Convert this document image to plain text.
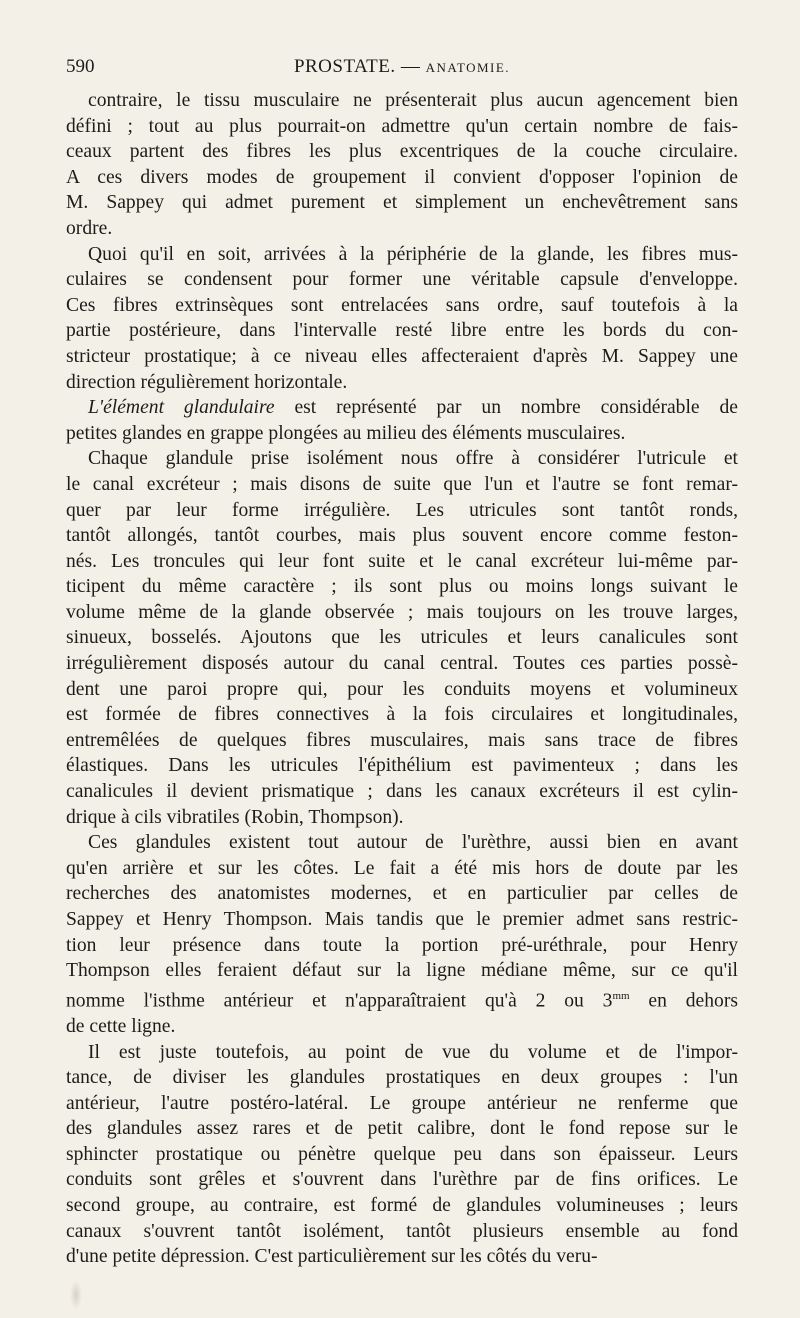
590	PROSTATE. — ANATOMIE.
contraire, le tissu musculaire ne présenterait plus aucun agencement bien
défini ; tout au plus pourrait-on admettre qu'un certain nombre de fais-
ceaux partent des fibres les plus excentriques de la couche circulaire.
A ces divers modes de groupement il convient d'opposer l'opinion de
M. Sappey qui admet purement et simplement un enchevêtrement sans
ordre.
Quoi qu'il en soit, arrivées à la périphérie de la glande, les fibres mus-
culaires se condensent pour former une véritable capsule d'enveloppe.
Ces fibres extrinsèques sont entrelacées sans ordre, sauf toutefois à la
partie postérieure, dans l'intervalle resté libre entre les bords du con-
stricteur prostatique; à ce niveau elles affecteraient d'après M. Sappey une
direction régulièrement horizontale.
L'élément glandulaire est représenté par un nombre considérable de
petites glandes en grappe plongées au milieu des éléments musculaires.
Chaque glandule prise isolément nous offre à considérer l'utricule et
le canal excréteur ; mais disons de suite que l'un et l'autre se font remar-
quer par leur forme irrégulière. Les utricules sont tantôt ronds,
tantôt allongés, tantôt courbes, mais plus souvent encore comme feston-
nés. Les troncules qui leur font suite et le canal excréteur lui-même par-
ticipent du même caractère ; ils sont plus ou moins longs suivant le
volume même de la glande observée ; mais toujours on les trouve larges,
sinueux, bosselés. Ajoutons que les utricules et leurs canalicules sont
irrégulièrement disposés autour du canal central. Toutes ces parties possè-
dent une paroi propre qui, pour les conduits moyens et volumineux
est formée de fibres connectives à la fois circulaires et longitudinales,
entremêlées de quelques fibres musculaires, mais sans trace de fibres
élastiques. Dans les utricules l'épithélium est pavimenteux ; dans les
canalicules il devient prismatique ; dans les canaux excréteurs il est cylin-
drique à cils vibratiles (Robin, Thompson).
Ces glandules existent tout autour de l'urèthre, aussi bien en avant
qu'en arrière et sur les côtes. Le fait a été mis hors de doute par les
recherches des anatomistes modernes, et en particulier par celles de
Sappey et Henry Thompson. Mais tandis que le premier admet sans restric-
tion leur présence dans toute la portion pré-uréthrale, pour Henry
Thompson elles feraient défaut sur la ligne médiane même, sur ce qu'il
nomme l'isthme antérieur et n'apparaîtraient qu'à 2 ou $3^{mm}$ en dehors
de cette ligne.
Il est juste toutefois, au point de vue du volume et de l'impor-
tance, de diviser les glandules prostatiques en deux groupes : l'un
antérieur, l'autre postéro-latéral. Le groupe antérieur ne renferme que
des glandules assez rares et de petit calibre, dont le fond repose sur le
sphincter prostatique ou pénètre quelque peu dans son épaisseur. Leurs
conduits sont grêles et s'ouvrent dans l'urèthre par de fins orifices. Le
second groupe, au contraire, est formé de glandules volumineuses ; leurs
canaux s'ouvrent tantôt isolément, tantôt plusieurs ensemble au fond
d'une petite dépression. C'est particulièrement sur les côtés du veru-
